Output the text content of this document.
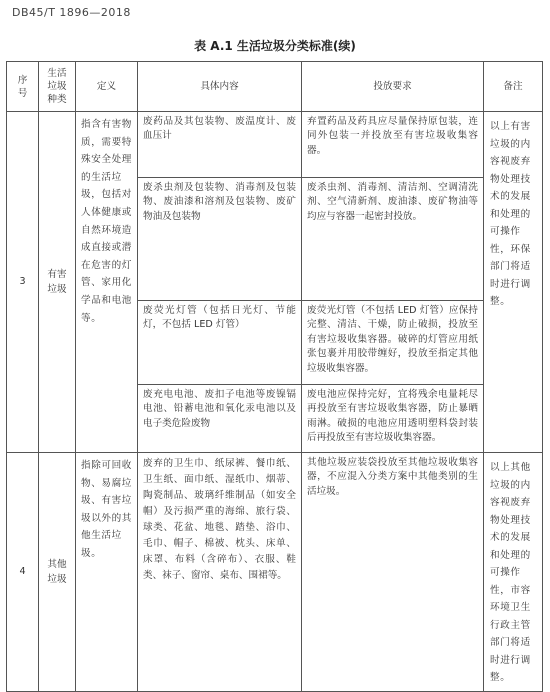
DB45/T 1896—2018
表 A.1 生活垃圾分类标准(续)
序号	生活垃圾种类	定义	具体内容	投放要求	备注
3	有害垃圾	指含有害物质，需要特殊安全处理的生活垃圾，包括对人体健康或自然环境造成直接或潜在危害的灯管、家用化学品和电池等。	废药品及其包装物、废温度计、废血压计	弃置药品及药具应尽量保持原包装，连同外包装一并投放至有害垃圾收集容器。	以上有害垃圾的内容视废弃物处理技术的发展和处理的可操作性，环保部门将适时进行调整。

			废杀虫剂及包装物、消毒剂及包装物、废油漆和溶剂及包装物、废矿物油及包装物	废杀虫剂、消毒剂、清洁剂、空调清洗剂、空气清新剂、废油漆、废矿物油等均应与容器一起密封投放。	

			废荧光灯管（包括日光灯、节能灯，不包括 LED 灯管）	废荧光灯管（不包括 LED 灯管）应保持完整、清洁、干燥，防止破损，投放至有害垃圾收集容器。破碎的灯管应用纸张包裹并用胶带缠好，投放至指定其他垃圾收集容器。	

			废充电电池、废扣子电池等废镍镉电池、铅蓄电池和氧化汞电池以及电子类危险废物	废电池应保持完好，宜将残余电量耗尽再投放至有害垃圾收集容器，防止暴晒雨淋。破损的电池应用透明塑料袋封装后再投放至有害垃圾收集容器。	

4	其他垃圾	指除可回收物、易腐垃圾、有害垃圾以外的其他生活垃圾。	废弃的卫生巾、纸尿裤、餐巾纸、卫生纸、面巾纸、湿纸巾、烟蒂、陶瓷制品、玻璃纤维制品（如安全帽）及污损严重的海绵、旅行袋、球类、花盆、地毯、踏垫、浴巾、毛巾、帽子、棉被、枕头、床单、床罩、布料（含碎布）、衣服、鞋类、袜子、窗帘、桌布、围裙等。	其他垃圾应装袋投放至其他垃圾收集容器，不应混入分类方案中其他类别的生活垃圾。	以上其他垃圾的内容视废弃物处理技术的发展和处理的可操作性，市容环境卫生行政主管部门将适时进行调整。
